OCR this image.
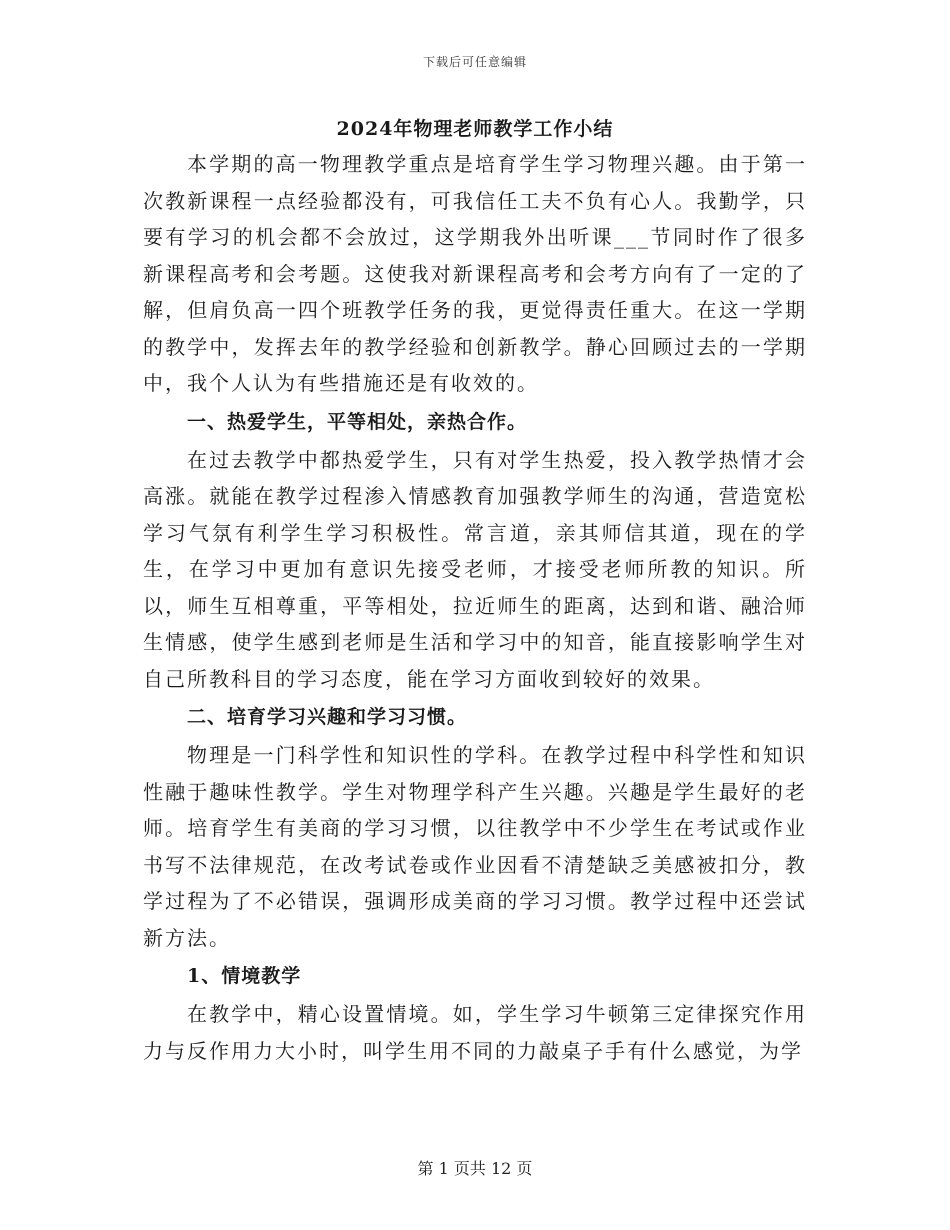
下载后可任意编辑
2024年物理老师教学工作小结

本学期的高一物理教学重点是培育学生学习物理兴趣。由于第一次教新课程一点经验都没有，可我信任工夫不负有心人。我勤学，只要有学习的机会都不会放过，这学期我外出听课___节同时作了很多新课程高考和会考题。这使我对新课程高考和会考方向有了一定的了解，但肩负高一四个班教学任务的我，更觉得责任重大。在这一学期的教学中，发挥去年的教学经验和创新教学。静心回顾过去的一学期中，我个人认为有些措施还是有收效的。

一、热爱学生，平等相处，亲热合作。

在过去教学中都热爱学生，只有对学生热爱，投入教学热情才会高涨。就能在教学过程渗入情感教育加强教学师生的沟通，营造宽松学习气氛有利学生学习积极性。常言道，亲其师信其道，现在的学生，在学习中更加有意识先接受老师，才接受老师所教的知识。所以，师生互相尊重，平等相处，拉近师生的距离，达到和谐、融洽师生情感，使学生感到老师是生活和学习中的知音，能直接影响学生对自己所教科目的学习态度，能在学习方面收到较好的效果。

二、培育学习兴趣和学习习惯。

物理是一门科学性和知识性的学科。在教学过程中科学性和知识性融于趣味性教学。学生对物理学科产生兴趣。兴趣是学生最好的老师。培育学生有美商的学习习惯，以往教学中不少学生在考试或作业书写不法律规范，在改考试卷或作业因看不清楚缺乏美感被扣分，教学过程为了不必错误，强调形成美商的学习习惯。教学过程中还尝试新方法。

1、情境教学

在教学中，精心设置情境。如，学生学习牛顿第三定律探究作用力与反作用力大小时，叫学生用不同的力敲桌子手有什么感觉，为学

第 1 页共 12 页
